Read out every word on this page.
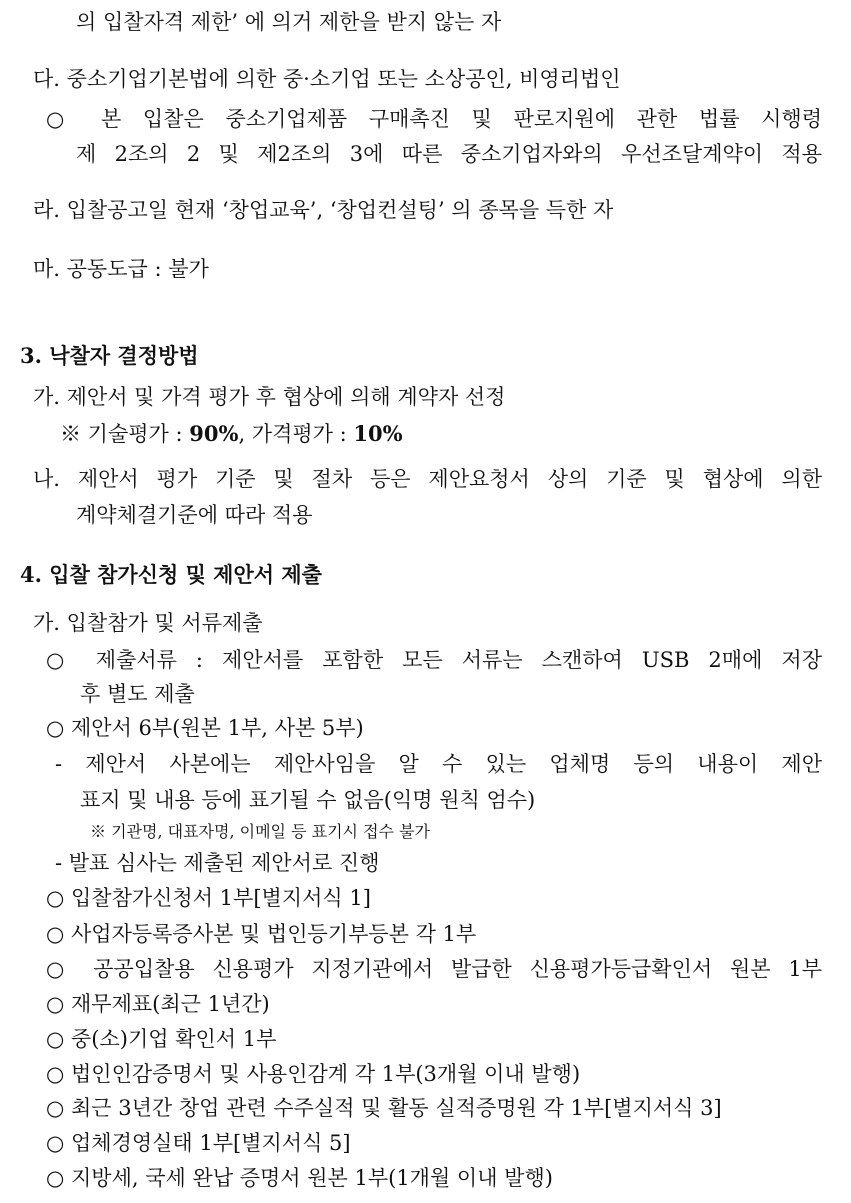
의 입찰자격 제한’ 에 의거 제한을 받지 않는 자
다. 중소기업기본법에 의한 중·소기업 또는 소상공인, 비영리법인
○ 본 입찰은 중소기업제품 구매촉진 및 판로지원에 관한 법률 시행령
제 2조의 2 및 제2조의 3에 따른 중소기업자와의 우선조달계약이 적용
라. 입찰공고일 현재 ‘창업교육’, ‘창업컨설팅’ 의 종목을 득한 자
마. 공동도급 : 불가
3. 낙찰자 결정방법
가. 제안서 및 가격 평가 후 협상에 의해 계약자 선정
※ 기술평가 : 90%, 가격평가 : 10%
나. 제안서 평가 기준 및 절차 등은 제안요청서 상의 기준 및 협상에 의한
계약체결기준에 따라 적용
4. 입찰 참가신청 및 제안서 제출
가. 입찰참가 및 서류제출
○ 제출서류 : 제안서를 포함한 모든 서류는 스캔하여 USB 2매에 저장
후 별도 제출
○ 제안서 6부(원본 1부, 사본 5부)
- 제안서 사본에는 제안사임을 알 수 있는 업체명 등의 내용이 제안
표지 및 내용 등에 표기될 수 없음(익명 원칙 엄수)
※ 기관명, 대표자명, 이메일 등 표기시 접수 불가
- 발표 심사는 제출된 제안서로 진행
○ 입찰참가신청서 1부[별지서식 1]
○ 사업자등록증사본 및 법인등기부등본 각 1부
○ 공공입찰용 신용평가 지정기관에서 발급한 신용평가등급확인서 원본 1부
○ 재무제표(최근 1년간)
○ 중(소)기업 확인서 1부
○ 법인인감증명서 및 사용인감계 각 1부(3개월 이내 발행)
○ 최근 3년간 창업 관련 수주실적 및 활동 실적증명원 각 1부[별지서식 3]
○ 업체경영실태 1부[별지서식 5]
○ 지방세, 국세 완납 증명서 원본 1부(1개월 이내 발행)
